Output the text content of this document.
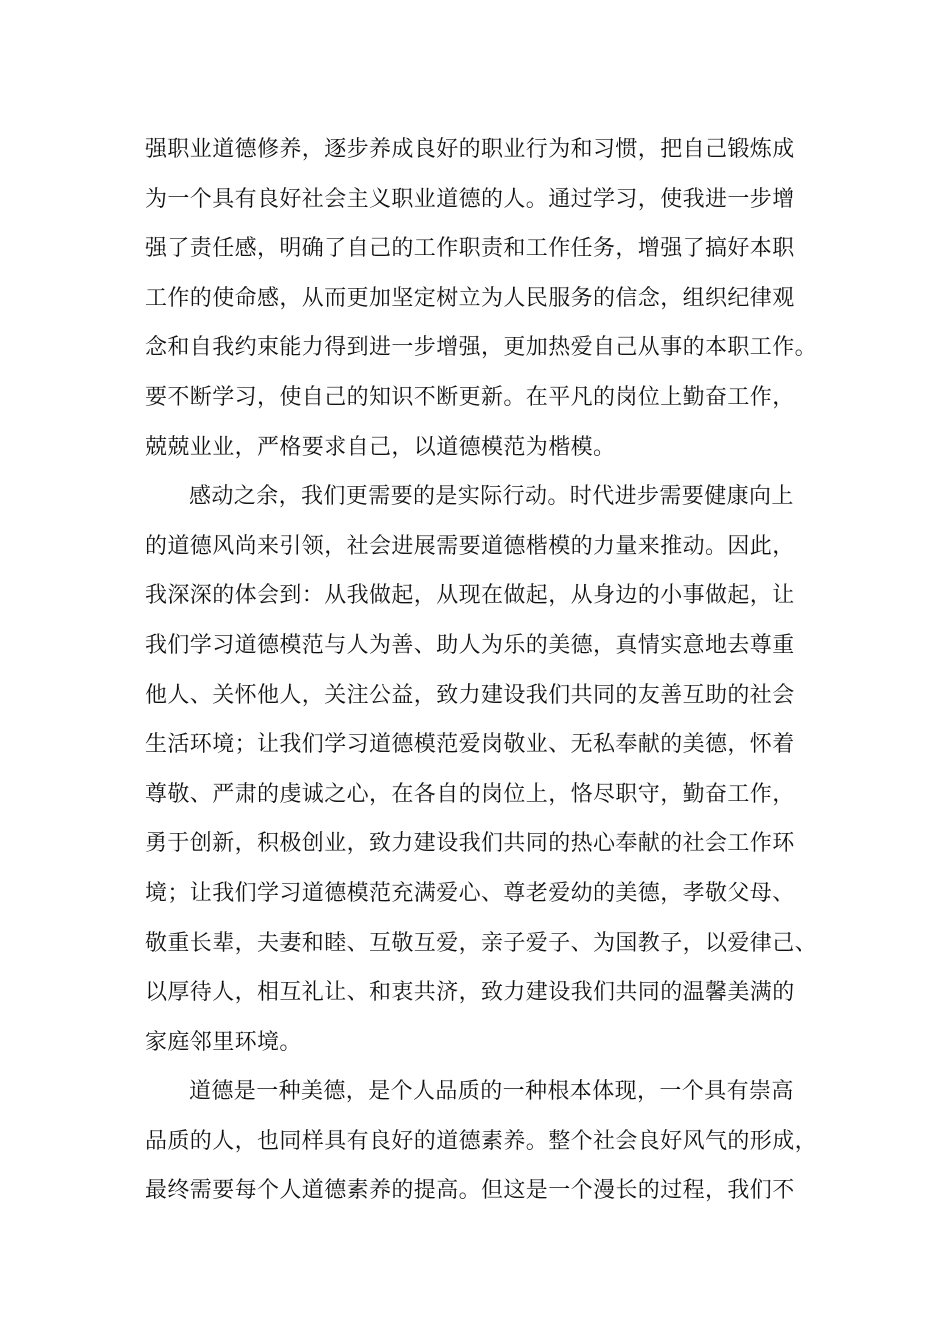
强职业道德修养，逐步养成良好的职业行为和习惯，把自己锻炼成
为一个具有良好社会主义职业道德的人。通过学习，使我进一步增
强了责任感，明确了自己的工作职责和工作任务，增强了搞好本职
工作的使命感，从而更加坚定树立为人民服务的信念，组织纪律观
念和自我约束能力得到进一步增强，更加热爱自己从事的本职工作。
要不断学习，使自己的知识不断更新。在平凡的岗位上勤奋工作，
兢兢业业，严格要求自己，以道德模范为楷模。
感动之余，我们更需要的是实际行动。时代进步需要健康向上
的道德风尚来引领，社会进展需要道德楷模的力量来推动。因此，
我深深的体会到：从我做起，从现在做起，从身边的小事做起，让
我们学习道德模范与人为善、助人为乐的美德，真情实意地去尊重
他人、关怀他人，关注公益，致力建设我们共同的友善互助的社会
生活环境；让我们学习道德模范爱岗敬业、无私奉献的美德，怀着
尊敬、严肃的虔诚之心，在各自的岗位上，恪尽职守，勤奋工作，
勇于创新，积极创业，致力建设我们共同的热心奉献的社会工作环
境；让我们学习道德模范充满爱心、尊老爱幼的美德，孝敬父母、
敬重长辈，夫妻和睦、互敬互爱，亲子爱子、为国教子，以爱律己、
以厚待人，相互礼让、和衷共济，致力建设我们共同的温馨美满的
家庭邻里环境。
道德是一种美德，是个人品质的一种根本体现，一个具有崇高
品质的人，也同样具有良好的道德素养。整个社会良好风气的形成，
最终需要每个人道德素养的提高。但这是一个漫长的过程，我们不
